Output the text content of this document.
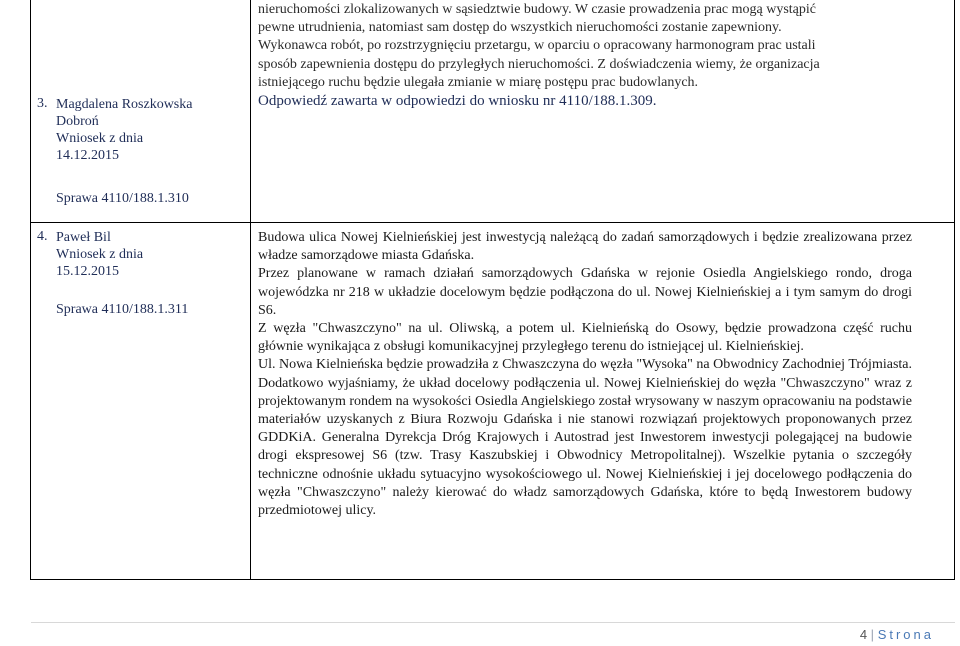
3. Magdalena Roszkowska
Dobroń
Wniosek z dnia
14.12.2015
Sprawa 4110/188.1.310

nieruchomości zlokalizowanych w sąsiedztwie budowy. W czasie prowadzenia prac mogą wystąpić

pewne utrudnienia, natomiast sam dostęp do wszystkich nieruchomości zostanie zapewniony.

Wykonawca robót, po rozstrzygnięciu przetargu, w oparciu o opracowany harmonogram prac ustali

sposób zapewnienia dostępu do przyległych nieruchomości. Z doświadczenia wiemy, że organizacja

istniejącego ruchu będzie ulegała zmianie w miarę postępu prac budowlanych.

Odpowiedź zawarta w odpowiedzi do wniosku nr 4110/188.1.309.

4. Paweł Bil
Wniosek z dnia
15.12.2015
Sprawa 4110/188.1.311

Budowa ulica Nowej Kielnieńskiej jest inwestycją należącą do zadań samorządowych i będzie zrealizowana przez władze samorządowe miasta Gdańska.

Przez planowane w ramach działań samorządowych Gdańska w rejonie Osiedla Angielskiego rondo, droga wojewódzka nr 218 w układzie docelowym będzie podłączona do ul. Nowej Kielnieńskiej a i tym samym do drogi S6.

Z węzła "Chwaszczyno" na ul. Oliwską, a potem ul. Kielnieńską do Osowy, będzie prowadzona część ruchu głównie wynikająca z obsługi komunikacyjnej przyległego terenu do istniejącej ul. Kielnieńskiej.

Ul. Nowa Kielnieńska będzie prowadziła z Chwaszczyna do węzła "Wysoka" na Obwodnicy Zachodniej Trójmiasta. Dodatkowo wyjaśniamy, że układ docelowy podłączenia ul. Nowej Kielnieńskiej do węzła "Chwaszczyno" wraz z projektowanym rondem na wysokości Osiedla Angielskiego został wrysowany w naszym opracowaniu na podstawie materiałów uzyskanych z Biura Rozwoju Gdańska i nie stanowi rozwiązań projektowych proponowanych przez GDDKiA. Generalna Dyrekcja Dróg Krajowych i Autostrad jest Inwestorem inwestycji polegającej na budowie drogi ekspresowej S6 (tzw. Trasy Kaszubskiej i Obwodnicy Metropolitalnej). Wszelkie pytania o szczegóły techniczne odnośnie układu sytuacyjno wysokościowego ul. Nowej Kielnieńskiej i jej docelowego podłączenia do węzła "Chwaszczyno" należy kierować do władz samorządowych Gdańska, które to będą Inwestorem budowy przedmiotowej ulicy.

4 | Strona
